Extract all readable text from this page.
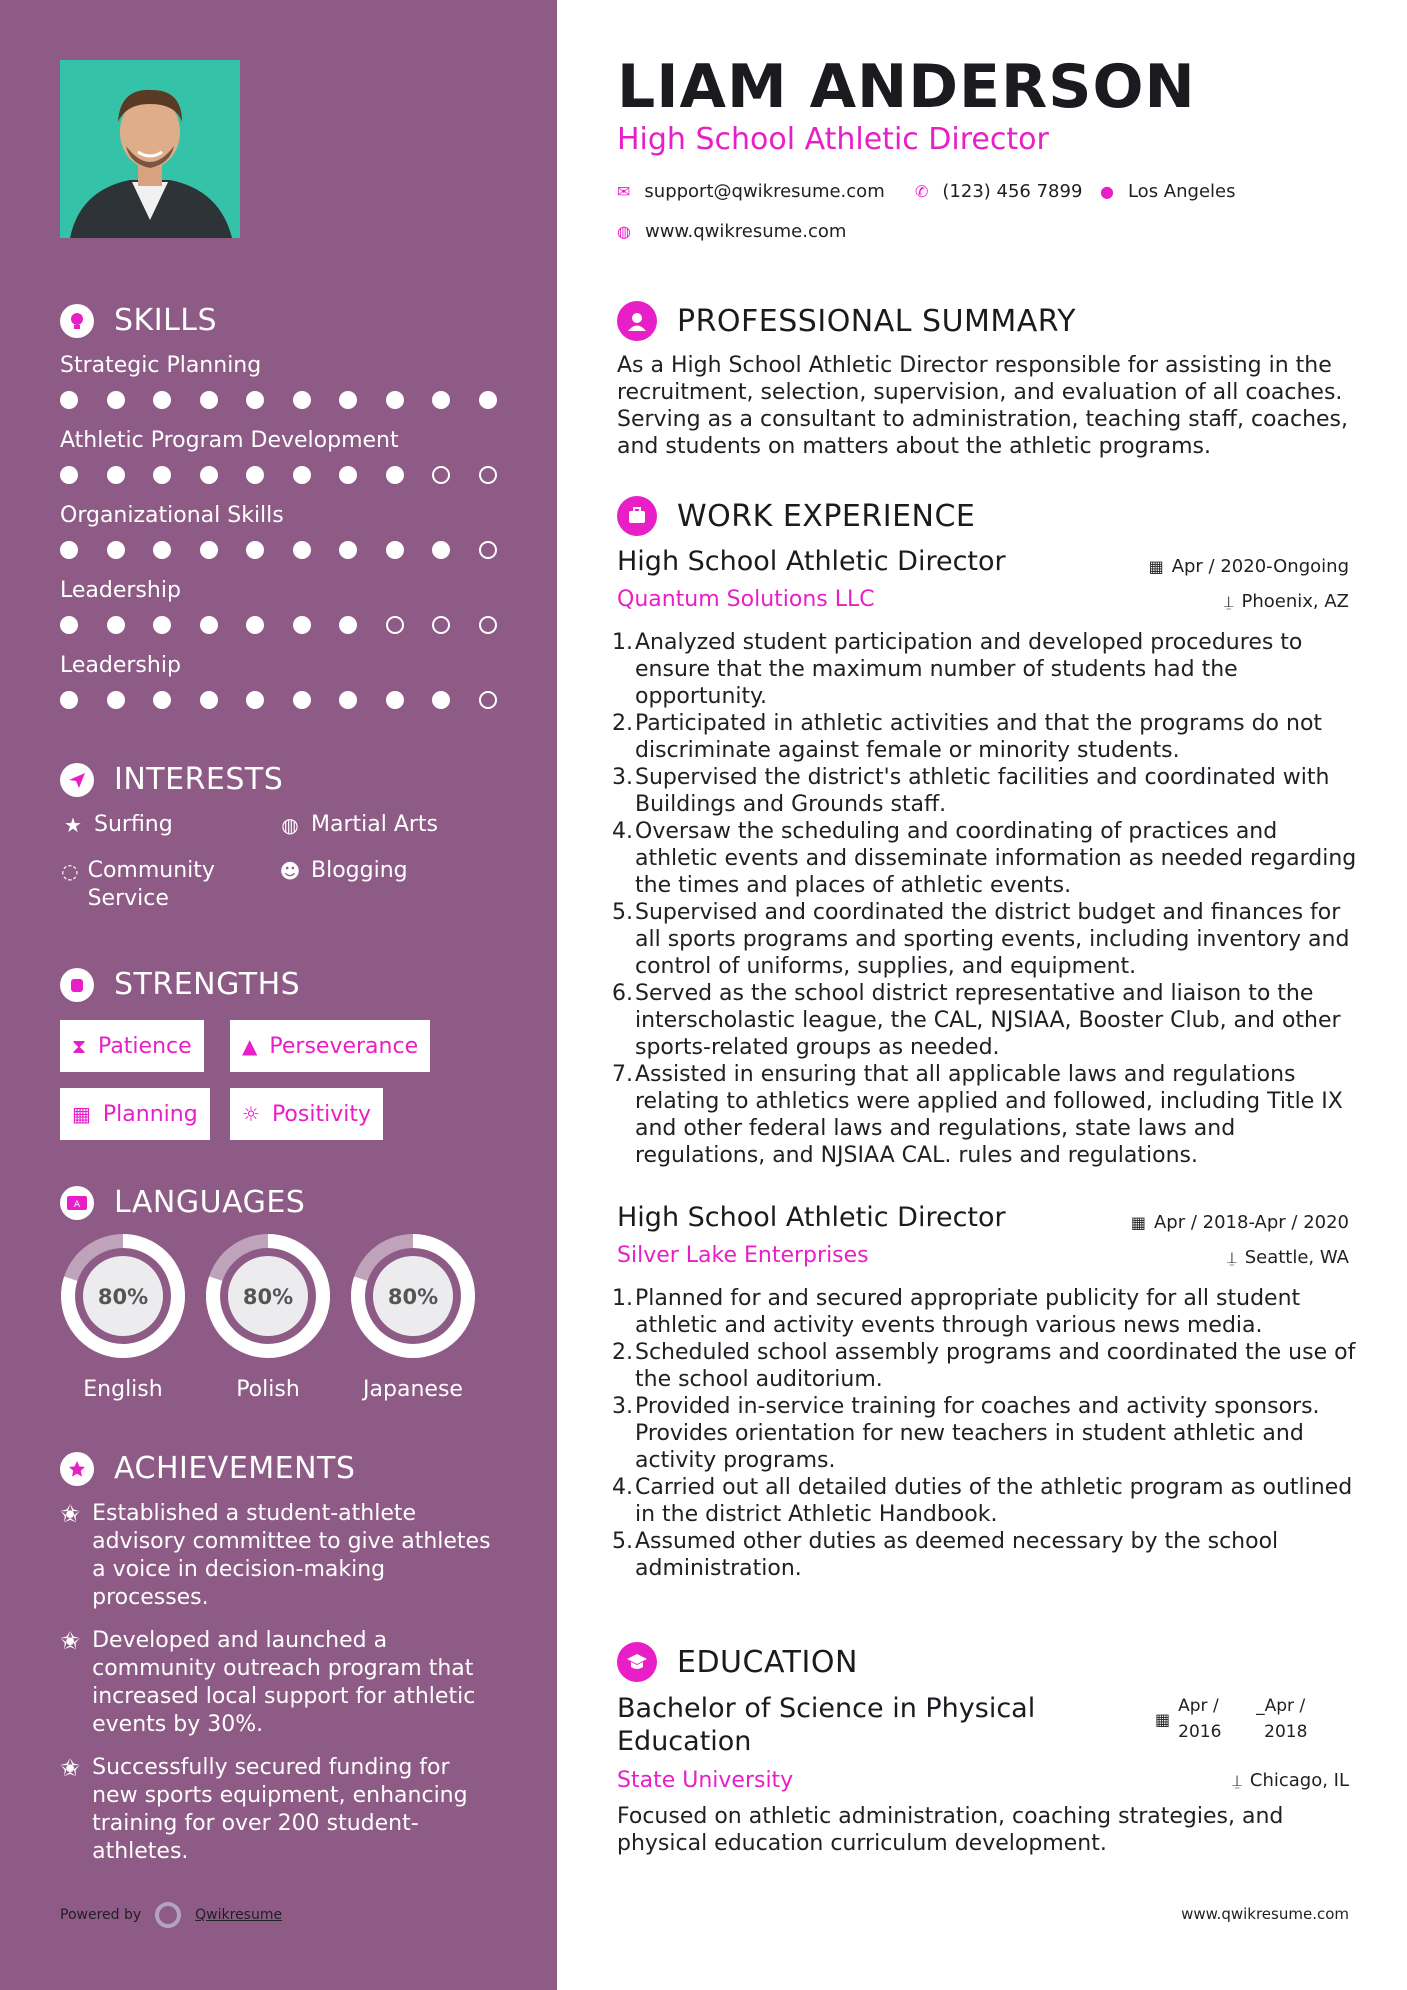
SKILLS
Strategic Planning
Athletic Program Development
Organizational Skills
Leadership
Leadership
INTERESTS
★ Surfing	◍ Martial Arts
◌ Community Service
☻ Blogging
STRENGTHS
⧗ Patience	▲ Perseverance
▦ Planning ☼ Positivity
A LANGUAGES
80%
English
80%
Polish
80%
Japanese
ACHIEVEMENTS
✬ Established a student-athlete advisory committee to give athletes a voice in decision-making processes.
✬ Developed and launched a community outreach program that increased local support for athletic events by 30%.
✬ Successfully secured funding for new sports equipment, enhancing training for over 200 student-athletes.
Powered by	Qwikresume
LIAM ANDERSON
High School Athletic Director
✉ support@qwikresume.com ✆ (123) 456 7899 ● Los Angeles
◍ www.qwikresume.com
PROFESSIONAL SUMMARY
As a High School Athletic Director responsible for assisting in the recruitment, selection, supervision, and evaluation of all coaches. Serving as a consultant to administration, teaching staff, coaches, and students on matters about the athletic programs.
WORK EXPERIENCE
High School Athletic Director	▦ Apr / 2020-Ongoing
Quantum Solutions LLC	⍊ Phoenix, AZ
1. Analyzed student participation and developed procedures to ensure that the maximum number of students had the opportunity.
2. Participated in athletic activities and that the programs do not discriminate against female or minority students.
3. Supervised the district's athletic facilities and coordinated with Buildings and Grounds staff.
4. Oversaw the scheduling and coordinating of practices and athletic events and disseminate information as needed regarding the times and places of athletic events.
5. Supervised and coordinated the district budget and finances for all sports programs and sporting events, including inventory and control of uniforms, supplies, and equipment.
6. Served as the school district representative and liaison to the interscholastic league, the CAL, NJSIAA, Booster Club, and other sports-related groups as needed.
7. Assisted in ensuring that all applicable laws and regulations relating to athletics were applied and followed, including Title IX and other federal laws and regulations, state laws and regulations, and NJSIAA CAL. rules and regulations.
High School Athletic Director	▦ Apr / 2018-Apr / 2020
Silver Lake Enterprises	⍊ Seattle, WA
1. Planned for and secured appropriate publicity for all student athletic and activity events through various news media.
2. Scheduled school assembly programs and coordinated the use of the school auditorium.
3. Provided in-service training for coaches and activity sponsors. Provides orientation for new teachers in student athletic and activity programs.
4. Carried out all detailed duties of the athletic program as outlined in the district Athletic Handbook.
5. Assumed other duties as deemed necessary by the school administration.
EDUCATION
Bachelor of Science in Physical
Education
▦
Apr /
2016
_Apr /
2018
State University	⍊ Chicago, IL
Focused on athletic administration, coaching strategies, and physical education curriculum development.
www.qwikresume.com
